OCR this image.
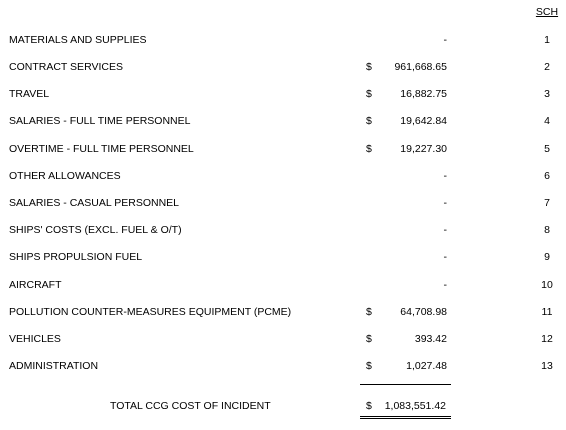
SCH
MATERIALS AND SUPPLIES	-	1
CONTRACT SERVICES	$ 961,668.65	2
TRAVEL	$	16,882.75	3
SALARIES - FULL TIME PERSONNEL	$	19,642.84	4
OVERTIME - FULL TIME PERSONNEL	$	19,227.30	5
OTHER ALLOWANCES	-	6
SALARIES - CASUAL PERSONNEL	-	7
SHIPS' COSTS (EXCL. FUEL & O/T)	-	8
SHIPS PROPULSION FUEL	-	9
AIRCRAFT	-	10
POLLUTION COUNTER-MEASURES EQUIPMENT (PCME)	$	64,708.98	11
VEHICLES	$	393.42	12
ADMINISTRATION	$	1,027.48	13
TOTAL CCG COST OF INCIDENT	$ 1,083,551.42
